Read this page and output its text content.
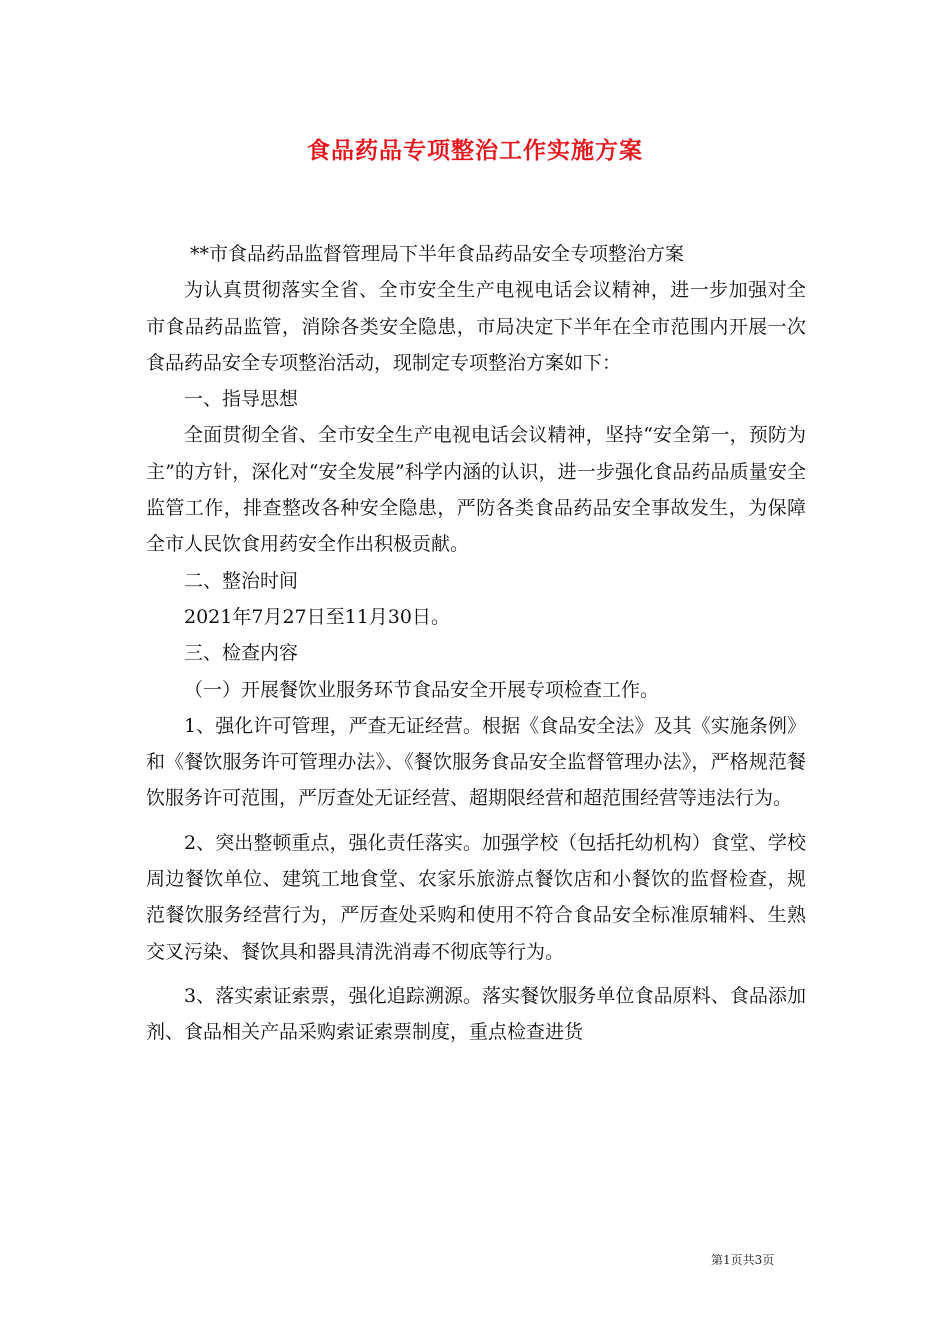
食品药品专项整治工作实施方案

**市食品药品监督管理局下半年食品药品安全专项整治方案

为认真贯彻落实全省、全市安全生产电视电话会议精神，进一步加强对全市食品药品监管，消除各类安全隐患，市局决定下半年在全市范围内开展一次食品药品安全专项整治活动，现制定专项整治方案如下：

一、指导思想

全面贯彻全省、全市安全生产电视电话会议精神，坚持“安全第一，预防为主”的方针，深化对“安全发展”科学内涵的认识，进一步强化食品药品质量安全监管工作，排查整改各种安全隐患，严防各类食品药品安全事故发生，为保障全市人民饮食用药安全作出积极贡献。

二、整治时间

2021年7月27日至11月30日。

三、检查内容

（一）开展餐饮业服务环节食品安全开展专项检查工作。

1、强化许可管理，严查无证经营。根据《食品安全法》及其《实施条例》和《餐饮服务许可管理办法》、《餐饮服务食品安全监督管理办法》，严格规范餐饮服务许可范围，严厉查处无证经营、超期限经营和超范围经营等违法行为。

2、突出整顿重点，强化责任落实。加强学校（包括托幼机构）食堂、学校周边餐饮单位、建筑工地食堂、农家乐旅游点餐饮店和小餐饮的监督检查，规范餐饮服务经营行为，严厉查处采购和使用不符合食品安全标准原辅料、生熟交叉污染、餐饮具和器具清洗消毒不彻底等行为。

3、落实索证索票，强化追踪溯源。落实餐饮服务单位食品原料、食品添加剂、食品相关产品采购索证索票制度，重点检查进货

第1页共3页
